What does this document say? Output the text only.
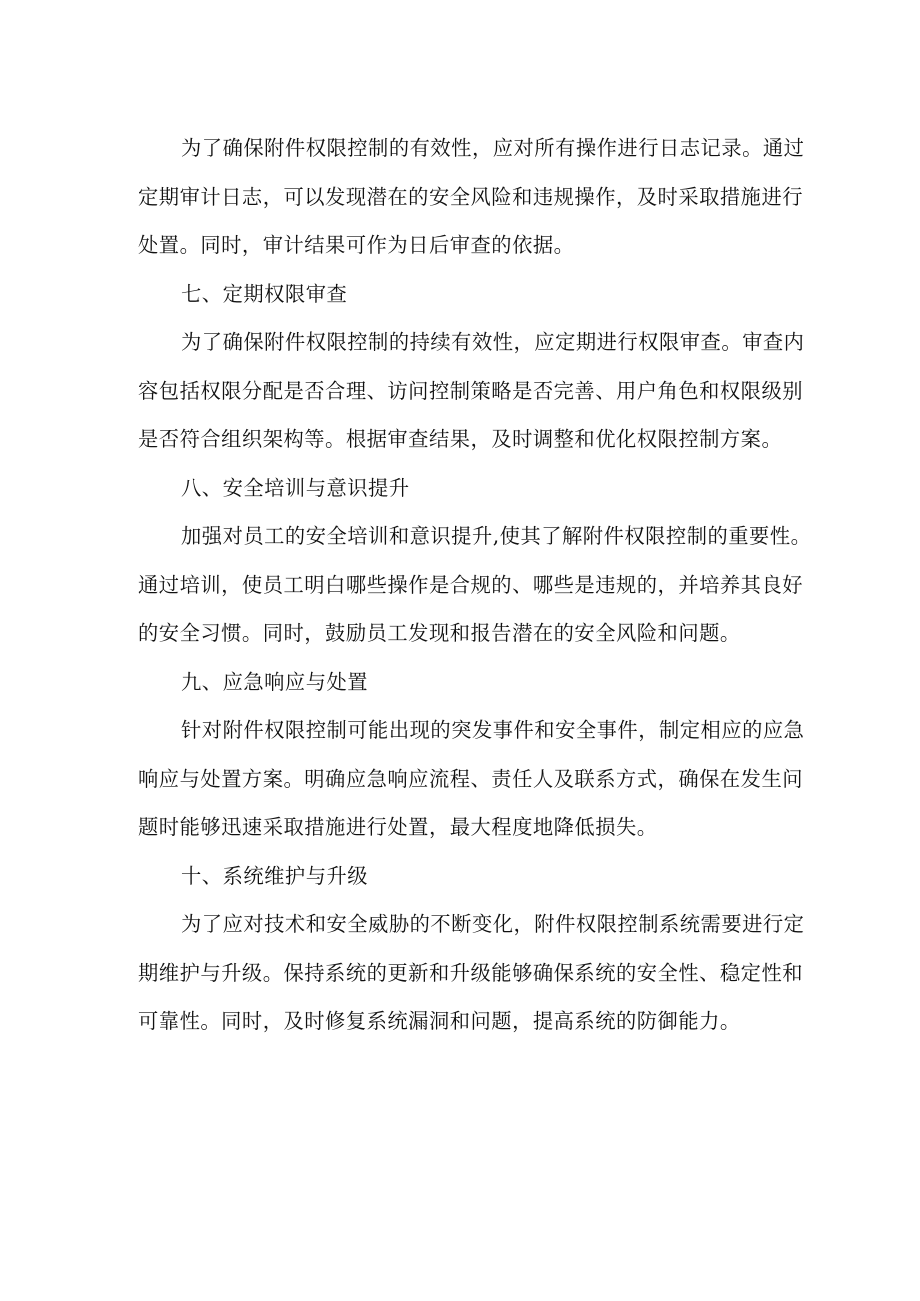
为了确保附件权限控制的有效性，应对所有操作进行日志记录。通过
定期审计日志，可以发现潜在的安全风险和违规操作，及时采取措施进行
处置。同时，审计结果可作为日后审查的依据。

七、定期权限审查

为了确保附件权限控制的持续有效性，应定期进行权限审查。审查内
容包括权限分配是否合理、访问控制策略是否完善、用户角色和权限级别
是否符合组织架构等。根据审查结果，及时调整和优化权限控制方案。

八、安全培训与意识提升

加强对员工的安全培训和意识提升,使其了解附件权限控制的重要性。
通过培训，使员工明白哪些操作是合规的、哪些是违规的，并培养其良好
的安全习惯。同时，鼓励员工发现和报告潜在的安全风险和问题。

九、应急响应与处置

针对附件权限控制可能出现的突发事件和安全事件，制定相应的应急
响应与处置方案。明确应急响应流程、责任人及联系方式，确保在发生问
题时能够迅速采取措施进行处置，最大程度地降低损失。

十、系统维护与升级

为了应对技术和安全威胁的不断变化，附件权限控制系统需要进行定
期维护与升级。保持系统的更新和升级能够确保系统的安全性、稳定性和
可靠性。同时，及时修复系统漏洞和问题，提高系统的防御能力。
